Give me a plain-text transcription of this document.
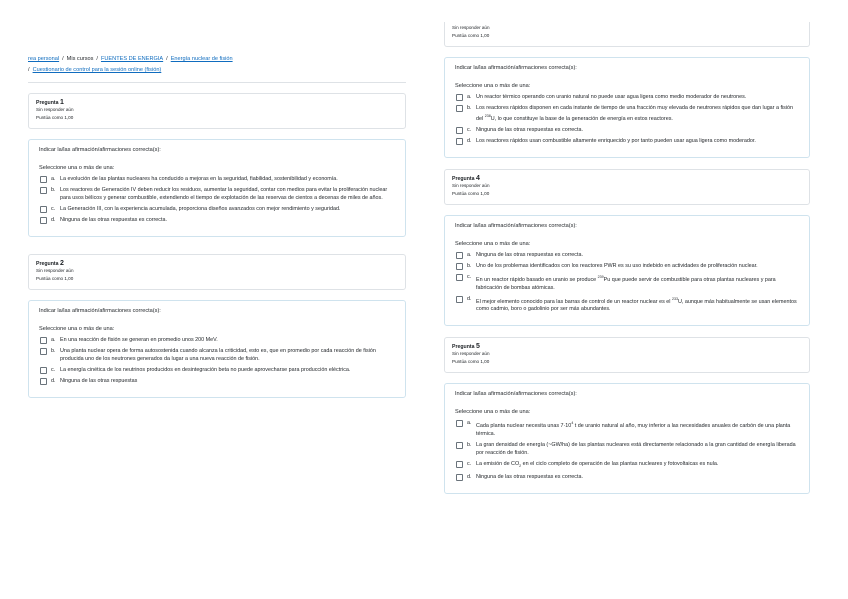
rea personal / Mis cursos / FUENTES DE ENERGIA / Energía nuclear de fisión
/ Cuestionario de control para la sesión online (fisión)
Pregunta 1
Sin responder aún
Puntúa como 1,00
Indicar la/las afirmación/afirmaciones correcta(s):
Seleccione una o más de una:
a. La evolución de las plantas nucleares ha conducido a mejoras en la seguridad, fiabilidad, sostenibilidad y economía.
b. Los reactores de Generación IV deben reducir los residuos, aumentar la seguridad, contar con medios para evitar la proliferación nuclear para usos bélicos y generar combustible, extendiendo el tiempo de explotación de las reservas de cientos a decenas de miles de años.
c. La Generación III, con la experiencia acumulada, proporciona diseños avanzados con mejor rendimiento y seguridad.
d. Ninguna de las otras respuestas es correcta.
Pregunta 2
Sin responder aún
Puntúa como 1,00
Indicar la/las afirmación/afirmaciones correcta(s):
Seleccione una o más de una:
a. En una reacción de fisión se generan en promedio unos 200 MeV.
b. Una planta nuclear opera de forma autosostenida cuando alcanza la criticidad, esto es, que en promedio por cada reacción de fisión producida uno de los neutrones generados da lugar a una nueva reacción de fisión.
c. La energía cinética de los neutrinos producidos en desintegración beta no puede aprovecharse para producción eléctrica.
d. Ninguna de las otras respuestas
Sin responder aún
Puntúa como 1,00
Indicar la/las afirmación/afirmaciones correcta(s):
Seleccione una o más de una:
a. Un reactor térmico operando con uranio natural no puede usar agua ligera como medio moderador de neutrones.
b. Los reactores rápidos disponen en cada instante de tiempo de una fracción muy elevada de neutrones rápidos que dan lugar a fisión del $^{238}$U, lo que constituye la base de la generación de energía en estos reactores.
c. Ninguna de las otras respuestas es correcta.
d. Los reactores rápidos usan combustible altamente enriquecido y por tanto pueden usar agua ligera como moderador.
Pregunta 4
Sin responder aún
Puntúa como 1,00
Indicar la/las afirmación/afirmaciones correcta(s):
Seleccione una o más de una:
a. Ninguna de las otras respuestas es correcta.
b. Uno de los problemas identificados con los reactores PWR es su uso indebido en actividades de proliferación nuclear.
c. En un reactor rápido basado en uranio se produce $^{239}$Pu que puede servir de combustible para otras plantas nucleares y para fabricación de bombas atómicas.
d. El mejor elemento conocido para las barras de control de un reactor nuclear es el $^{233}$U, aunque más habitualmente se usan elementos como cadmio, boro o gadolinio por ser más abundantes.
Pregunta 5
Sin responder aún
Puntúa como 1,00
Indicar la/las afirmación/afirmaciones correcta(s):
Seleccione una o más de una:
a. Cada planta nuclear necesita unas $7\cdot 10^4$ t de uranio natural al año, muy inferior a las necesidades anuales de carbón de una planta térmica.
b. La gran densidad de energía (~GW/ha) de las plantas nucleares está directamente relacionado a la gran cantidad de energía liberada por reacción de fisión.
c. La emisión de $CO_2$ en el ciclo completo de operación de las plantas nucleares y fotovoltaicas es nula.
d. Ninguna de las otras respuestas es correcta.
